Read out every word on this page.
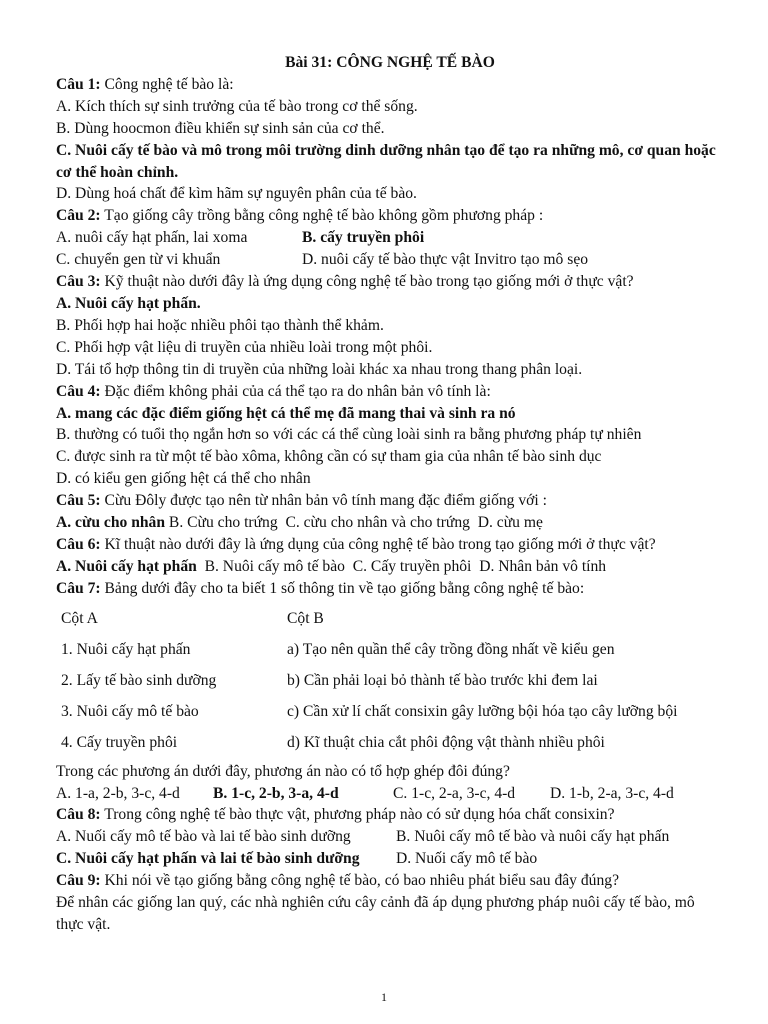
Bài 31: CÔNG NGHỆ TẾ BÀO
Câu 1: Công nghệ tế bào là:
A. Kích thích sự sinh trưởng của tế bào trong cơ thể sống.
B. Dùng hoocmon điều khiển sự sinh sản của cơ thể.
C. Nuôi cấy tế bào và mô trong môi trường dinh dưỡng nhân tạo để tạo ra những mô, cơ quan hoặc cơ thể hoàn chỉnh.
D. Dùng hoá chất để kìm hãm sự nguyên phân của tế bào.
Câu 2: Tạo giống cây trồng bằng công nghệ tế bào không gồm phương pháp :
A. nuôi cấy hạt phấn, lai xoma	B. cấy truyền phôi
C. chuyển gen từ vi khuẩn	D. nuôi cấy tế bào thực vật Invitro tạo mô sẹo
Câu 3: Kỹ thuật nào dưới đây là ứng dụng công nghệ tế bào trong tạo giống mới ở thực vật?
A. Nuôi cấy hạt phấn.
B. Phối hợp hai hoặc nhiều phôi tạo thành thể khảm.
C. Phối hợp vật liệu di truyền của nhiều loài trong một phôi.
D. Tái tổ hợp thông tin di truyền của những loài khác xa nhau trong thang phân loại.
Câu 4: Đặc điểm không phải của cá thể tạo ra do nhân bản vô tính là:
A. mang các đặc điểm giống hệt cá thể mẹ đã mang thai và sinh ra nó
B. thường có tuổi thọ ngắn hơn so với các cá thể cùng loài sinh ra bằng phương pháp tự nhiên
C. được sinh ra từ một tế bào xôma, không cần có sự tham gia của nhân tế bào sinh dục
D. có kiểu gen giống hệt cá thể cho nhân
Câu 5: Cừu Đôly được tạo nên từ nhân bản vô tính mang đặc điểm giống với :
A. cừu cho nhân B. Cừu cho trứng  C. cừu cho nhân và cho trứng  D. cừu mẹ
Câu 6: Kĩ thuật nào dưới đây là ứng dụng của công nghệ tế bào trong tạo giống mới ở thực vật?
A. Nuôi cấy hạt phấn  B. Nuôi cấy mô tế bào  C. Cấy truyền phôi  D. Nhân bản vô tính
Câu 7: Bảng dưới đây cho ta biết 1 số thông tin về tạo giống bằng công nghệ tế bào:
Cột A	Cột B
1. Nuôi cấy hạt phấn	a) Tạo nên quần thể cây trồng đồng nhất về kiểu gen
2. Lấy tế bào sinh dưỡng	b) Cần phải loại bỏ thành tế bào trước khi đem lai
3. Nuôi cấy mô tế bào	c) Cần xử lí chất consixin gây lưỡng bội hóa tạo cây lưỡng bội
4. Cấy truyền phôi	d) Kĩ thuật chia cắt phôi động vật thành nhiều phôi
Trong các phương án dưới đây, phương án nào có tổ hợp ghép đôi đúng?
A. 1-a, 2-b, 3-c, 4-d	B. 1-c, 2-b, 3-a, 4-d	C. 1-c, 2-a, 3-c, 4-d	D. 1-b, 2-a, 3-c, 4-d
Câu 8: Trong công nghệ tế bào thực vật, phương pháp nào có sử dụng hóa chất consixin?
A. Nuối cấy mô tế bào và lai tế bào sinh dưỡng	B. Nuôi cấy mô tế bào và nuôi cấy hạt phấn
C. Nuôi cấy hạt phấn và lai tế bào sinh dưỡng	D. Nuối cấy mô tế bào
Câu 9: Khi nói về tạo giống bằng công nghệ tế bào, có bao nhiêu phát biểu sau đây đúng?
Để nhân các giống lan quý, các nhà nghiên cứu cây cảnh đã áp dụng phương pháp nuôi cấy tế bào, mô thực vật.
1
